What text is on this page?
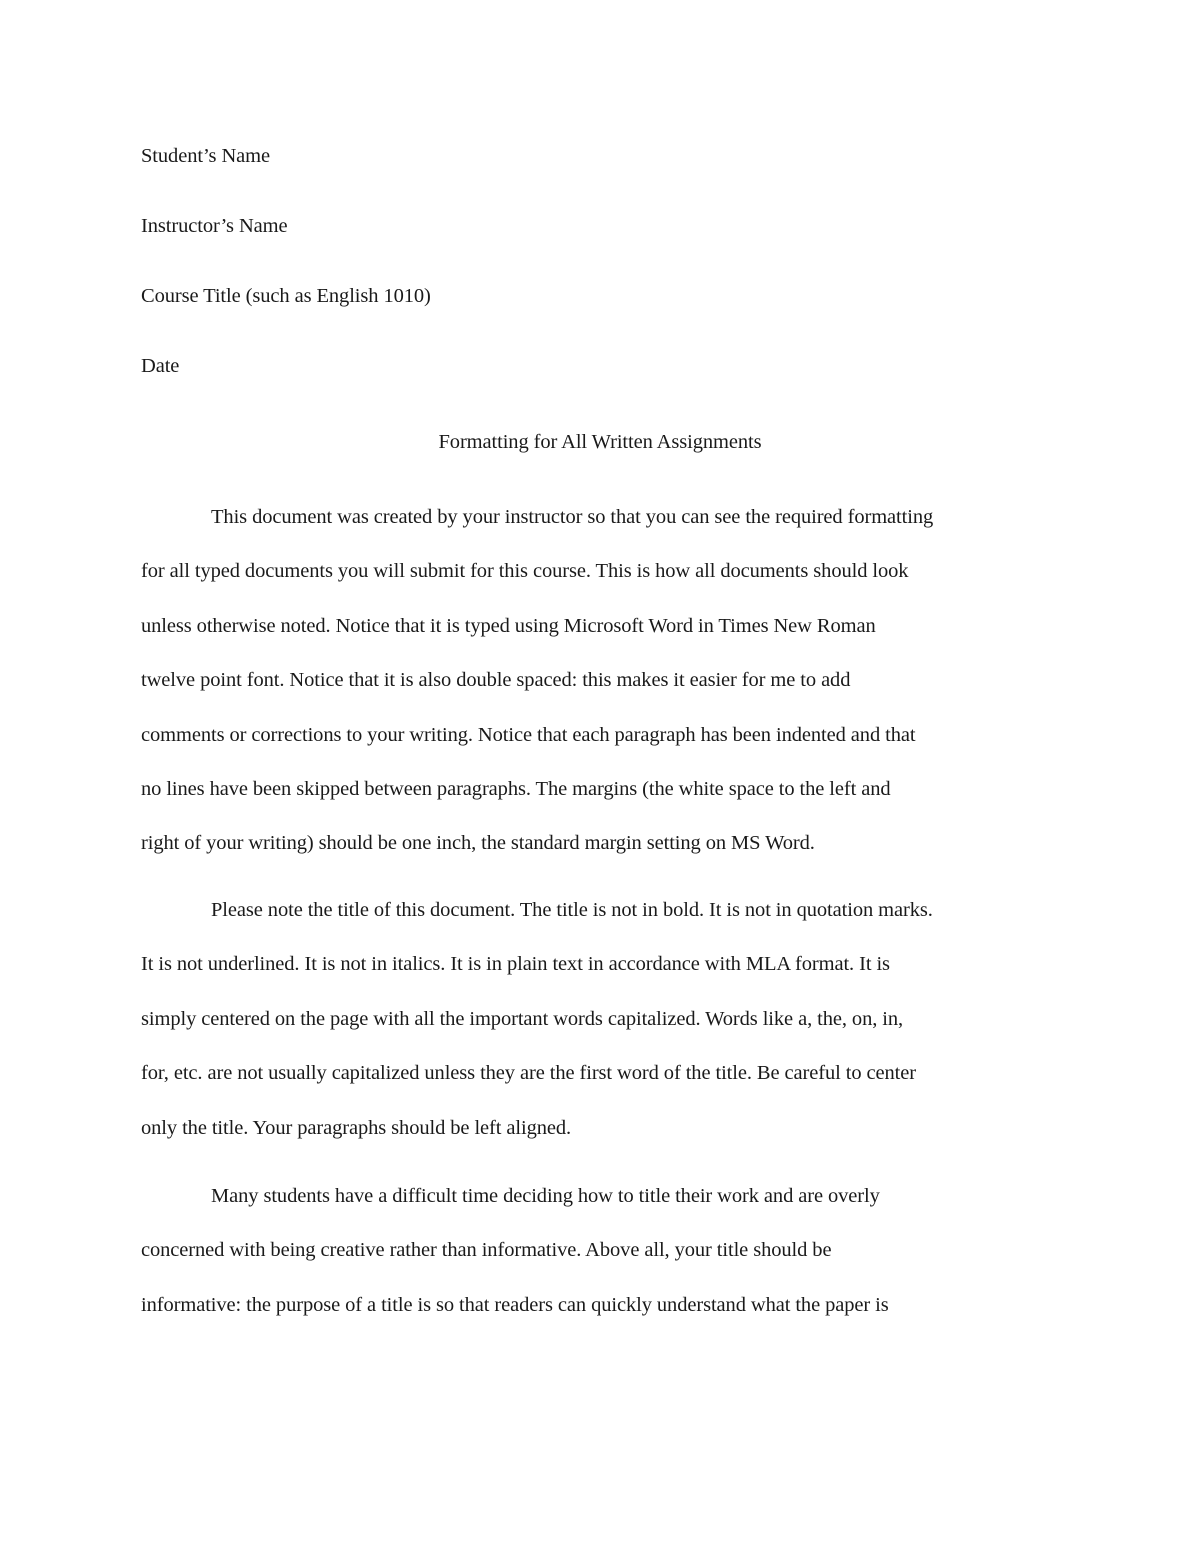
Student’s Name
Instructor’s Name
Course Title (such as English 1010)
Date
Formatting for All Written Assignments
This document was created by your instructor so that you can see the required formatting
for all typed documents you will submit for this course. This is how all documents should look
unless otherwise noted. Notice that it is typed using Microsoft Word in Times New Roman
twelve point font. Notice that it is also double spaced: this makes it easier for me to add
comments or corrections to your writing. Notice that each paragraph has been indented and that
no lines have been skipped between paragraphs. The margins (the white space to the left and
right of your writing) should be one inch, the standard margin setting on MS Word.
Please note the title of this document. The title is not in bold. It is not in quotation marks.
It is not underlined. It is not in italics. It is in plain text in accordance with MLA format. It is
simply centered on the page with all the important words capitalized. Words like a, the, on, in,
for, etc. are not usually capitalized unless they are the first word of the title. Be careful to center
only the title. Your paragraphs should be left aligned.
Many students have a difficult time deciding how to title their work and are overly
concerned with being creative rather than informative. Above all, your title should be
informative: the purpose of a title is so that readers can quickly understand what the paper is
